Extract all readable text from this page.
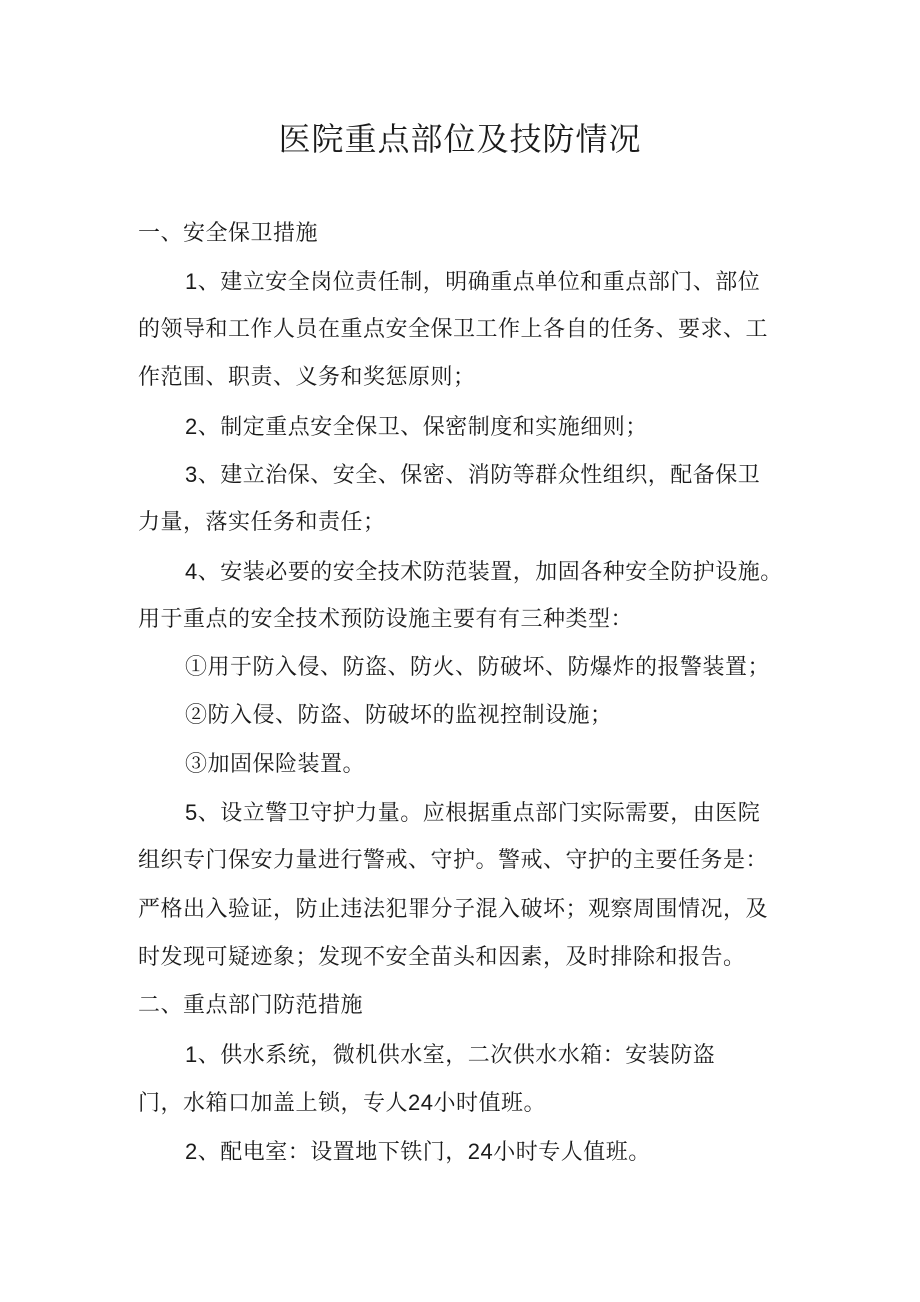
医院重点部位及技防情况
一、安全保卫措施
1、建立安全岗位责任制，明确重点单位和重点部门、部位
的领导和工作人员在重点安全保卫工作上各自的任务、要求、工
作范围、职责、义务和奖惩原则；
2、制定重点安全保卫、保密制度和实施细则；
3、建立治保、安全、保密、消防等群众性组织，配备保卫
力量，落实任务和责任；
4、安装必要的安全技术防范装置，加固各种安全防护设施。
用于重点的安全技术预防设施主要有有三种类型：
①用于防入侵、防盗、防火、防破坏、防爆炸的报警装置；
②防入侵、防盗、防破坏的监视控制设施；
③加固保险装置。
5、设立警卫守护力量。应根据重点部门实际需要，由医院
组织专门保安力量进行警戒、守护。警戒、守护的主要任务是：
严格出入验证，防止违法犯罪分子混入破坏；观察周围情况，及
时发现可疑迹象；发现不安全苗头和因素，及时排除和报告。
二、重点部门防范措施
1、供水系统，微机供水室，二次供水水箱：安装防盗
门，水箱口加盖上锁，专人24小时值班。
2、配电室：设置地下铁门，24小时专人值班。
